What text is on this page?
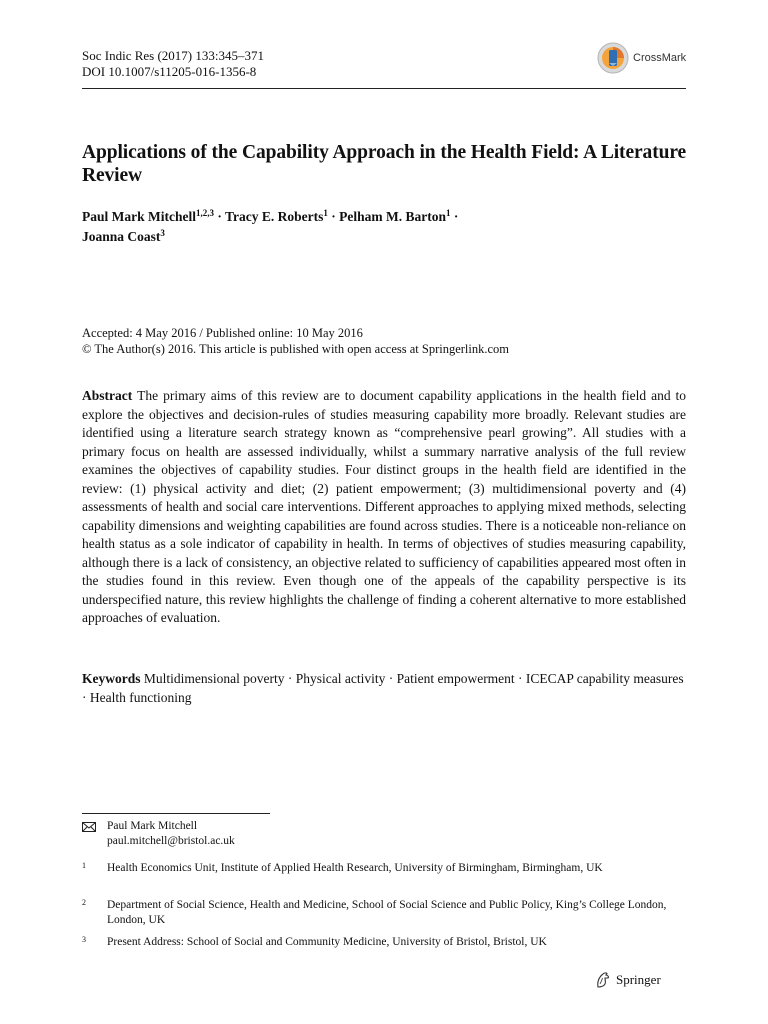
Soc Indic Res (2017) 133:345–371
DOI 10.1007/s11205-016-1356-8
CrossMark
Applications of the Capability Approach in the Health Field: A Literature Review
Paul Mark Mitchell$^{1,2,3}$ · Tracy E. Roberts$^1$ · Pelham M. Barton$^1$ ·
Joanna Coast$^3$
Accepted: 4 May 2016 / Published online: 10 May 2016
© The Author(s) 2016. This article is published with open access at Springerlink.com
Abstract The primary aims of this review are to document capability applications in the health field and to explore the objectives and decision-rules of studies measuring capability more broadly. Relevant studies are identified using a literature search strategy known as “comprehensive pearl growing”. All studies with a primary focus on health are assessed individually, whilst a summary narrative analysis of the full review examines the objectives of capability studies. Four distinct groups in the health field are identified in the review: (1) physical activity and diet; (2) patient empowerment; (3) multidimensional poverty and (4) assessments of health and social care interventions. Different approaches to applying mixed methods, selecting capability dimensions and weighting capabilities are found across studies. There is a noticeable non-reliance on health status as a sole indicator of capability in health. In terms of objectives of studies measuring capability, although there is a lack of consistency, an objective related to sufficiency of capabilities appeared most often in the studies found in this review. Even though one of the appeals of the capability perspective is its underspecified nature, this review highlights the challenge of finding a coherent alternative to more established approaches of evaluation.
Keywords Multidimensional poverty · Physical activity · Patient empowerment · ICECAP capability measures · Health functioning
Paul Mark Mitchell
paul.mitchell@bristol.ac.uk
1 Health Economics Unit, Institute of Applied Health Research, University of Birmingham, Birmingham, UK
2 Department of Social Science, Health and Medicine, School of Social Science and Public Policy, King’s College London, London, UK
3 Present Address: School of Social and Community Medicine, University of Bristol, Bristol, UK
Springer
